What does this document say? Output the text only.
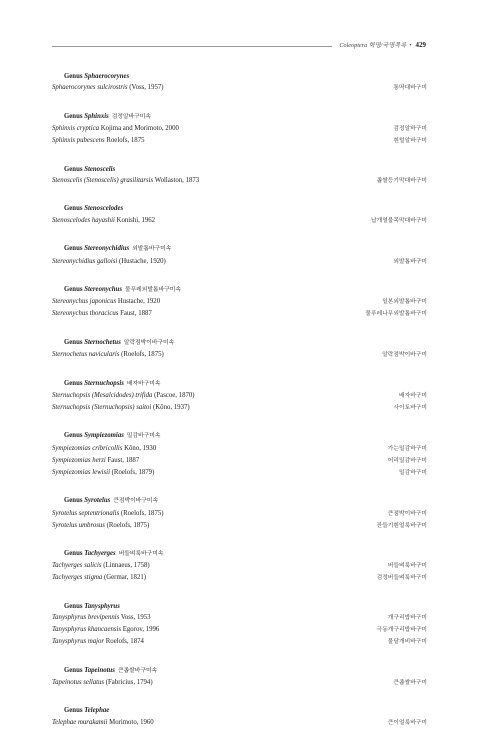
Coleoptera 학명/국명목록 • 429
Genus Sphaerocorynes
Sphaerocorynes sulcirostris (Voss, 1957)	통딱대바구미
Genus Sphinxis 검정알바구미속
Sphinxis cryptica Kojima and Morimoto, 2000	검정알바구미
Sphinxis pubescens Roelofs, 1875	흰털알바구미
Genus Stenoscelis
Stenoscelis (Stenoscelis) grasilitarsis Wollaston, 1873	좁쌀등기막대바구미
Genus Stenoscelodes
Stenoscelodes hayashii Konishi, 1962	납개열불목막대바구미
Genus Stereonychidius 외발톱바구미속
Stereonychidius galloisi (Hustache, 1920)	외발톱바구미
Genus Stereonychus 물푸레외발톱바구미속
Stereonychus japonicus Hustache, 1920	일본외발톱바구미
Stereonychus thoracicus Faust, 1887	물푸레나무외발톱바구미
Genus Sternochetus 알락점박이바구미속
Sternochetus navicularis (Roelofs, 1875)	알락점박이바구미
Genus Sternuchopsis 배자바구미속
Sternuchopsis (Mesalcidodes) trifida (Pascoe, 1870)	배자바구미
Sternuchopsis (Sternuchopsis) saitoi (Kôno, 1937)	사이토바구미
Genus Sympiezomias 밀감바구미속
Sympiezomias cribricollis Kôno, 1930	가는밀감바구미
Sympiezomias herzi Faust, 1887	어리밀감바구미
Sympiezomias lewisii (Roelofs, 1879)	밀감바구미
Genus Syrotelus 큰점박이바구미속
Syrotelus septentrionalis (Roelofs, 1875)	큰점박이바구미
Syrotelus umbrosus (Roelofs, 1875)	잔들기흰얼룩바구미
Genus Tachyerges 버들벼룩바구미속
Tachyerges salicis (Linnaeus, 1758)	버들벼룩바구미
Tachyerges stigma (Germar, 1821)	검정버들벼룩바구미
Genus Tanysphyrus
Tanysphyrus brevipennis Voss, 1953	개구리밥바구미
Tanysphyrus khancaensis Egorov, 1996	극동개구리밥바구미
Tanysphyrus major Roelofs, 1874	물달개비바구미
Genus Tapeinotus 큰좁쌀바구미속
Tapeinotus sellatus (Fabricius, 1794)	큰좁쌀바구미
Genus Telephae
Telephae murakamii Morimoto, 1960	큰이얼룩바구미
